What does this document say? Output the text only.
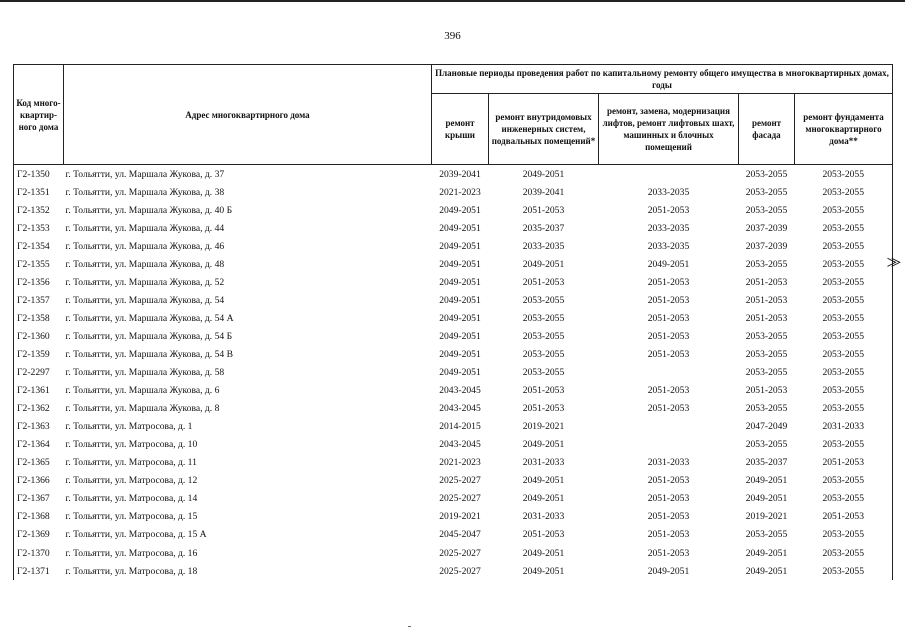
396
Код много-квартир-ного дома	Адрес многоквартирного дома	Плановые периоды проведения работ по капитальному ремонту общего имущества в многоквартирных домах, годы				
		ремонт крыши	ремонт внутридомовых инженерных систем, подвальных помещений*	ремонт, замена, модернизация лифтов, ремонт лифтовых шахт, машинных и блочных помещений	ремонт фасада	ремонт фундамента многоквартирного дома**
Г2-1350	г. Тольятти, ул. Маршала Жукова, д. 37	2039-2041	2049-2051		2053-2055	2053-2055
Г2-1351	г. Тольятти, ул. Маршала Жукова, д. 38	2021-2023	2039-2041	2033-2035	2053-2055	2053-2055
Г2-1352	г. Тольятти, ул. Маршала Жукова, д. 40 Б	2049-2051	2051-2053	2051-2053	2053-2055	2053-2055
Г2-1353	г. Тольятти, ул. Маршала Жукова, д. 44	2049-2051	2035-2037	2033-2035	2037-2039	2053-2055
Г2-1354	г. Тольятти, ул. Маршала Жукова, д. 46	2049-2051	2033-2035	2033-2035	2037-2039	2053-2055
Г2-1355	г. Тольятти, ул. Маршала Жукова, д. 48	2049-2051	2049-2051	2049-2051	2053-2055	2053-2055
Г2-1356	г. Тольятти, ул. Маршала Жукова, д. 52	2049-2051	2051-2053	2051-2053	2051-2053	2053-2055
Г2-1357	г. Тольятти, ул. Маршала Жукова, д. 54	2049-2051	2053-2055	2051-2053	2051-2053	2053-2055
Г2-1358	г. Тольятти, ул. Маршала Жукова, д. 54 А	2049-2051	2053-2055	2051-2053	2051-2053	2053-2055
Г2-1360	г. Тольятти, ул. Маршала Жукова, д. 54 Б	2049-2051	2053-2055	2051-2053	2053-2055	2053-2055
Г2-1359	г. Тольятти, ул. Маршала Жукова, д. 54 В	2049-2051	2053-2055	2051-2053	2053-2055	2053-2055
Г2-2297	г. Тольятти, ул. Маршала Жукова, д. 58	2049-2051	2053-2055		2053-2055	2053-2055
Г2-1361	г. Тольятти, ул. Маршала Жукова, д. 6	2043-2045	2051-2053	2051-2053	2051-2053	2053-2055
Г2-1362	г. Тольятти, ул. Маршала Жукова, д. 8	2043-2045	2051-2053	2051-2053	2053-2055	2053-2055
Г2-1363	г. Тольятти, ул. Матросова, д. 1	2014-2015	2019-2021		2047-2049	2031-2033
Г2-1364	г. Тольятти, ул. Матросова, д. 10	2043-2045	2049-2051		2053-2055	2053-2055
Г2-1365	г. Тольятти, ул. Матросова, д. 11	2021-2023	2031-2033	2031-2033	2035-2037	2051-2053
Г2-1366	г. Тольятти, ул. Матросова, д. 12	2025-2027	2049-2051	2051-2053	2049-2051	2053-2055
Г2-1367	г. Тольятти, ул. Матросова, д. 14	2025-2027	2049-2051	2051-2053	2049-2051	2053-2055
Г2-1368	г. Тольятти, ул. Матросова, д. 15	2019-2021	2031-2033	2051-2053	2019-2021	2051-2053
Г2-1369	г. Тольятти, ул. Матросова, д. 15 А	2045-2047	2051-2053	2051-2053	2053-2055	2053-2055
Г2-1370	г. Тольятти, ул. Матросова, д. 16	2025-2027	2049-2051	2051-2053	2049-2051	2053-2055
Г2-1371	г. Тольятти, ул. Матросова, д. 18	2025-2027	2049-2051	2049-2051	2049-2051	2053-2055
⨠
